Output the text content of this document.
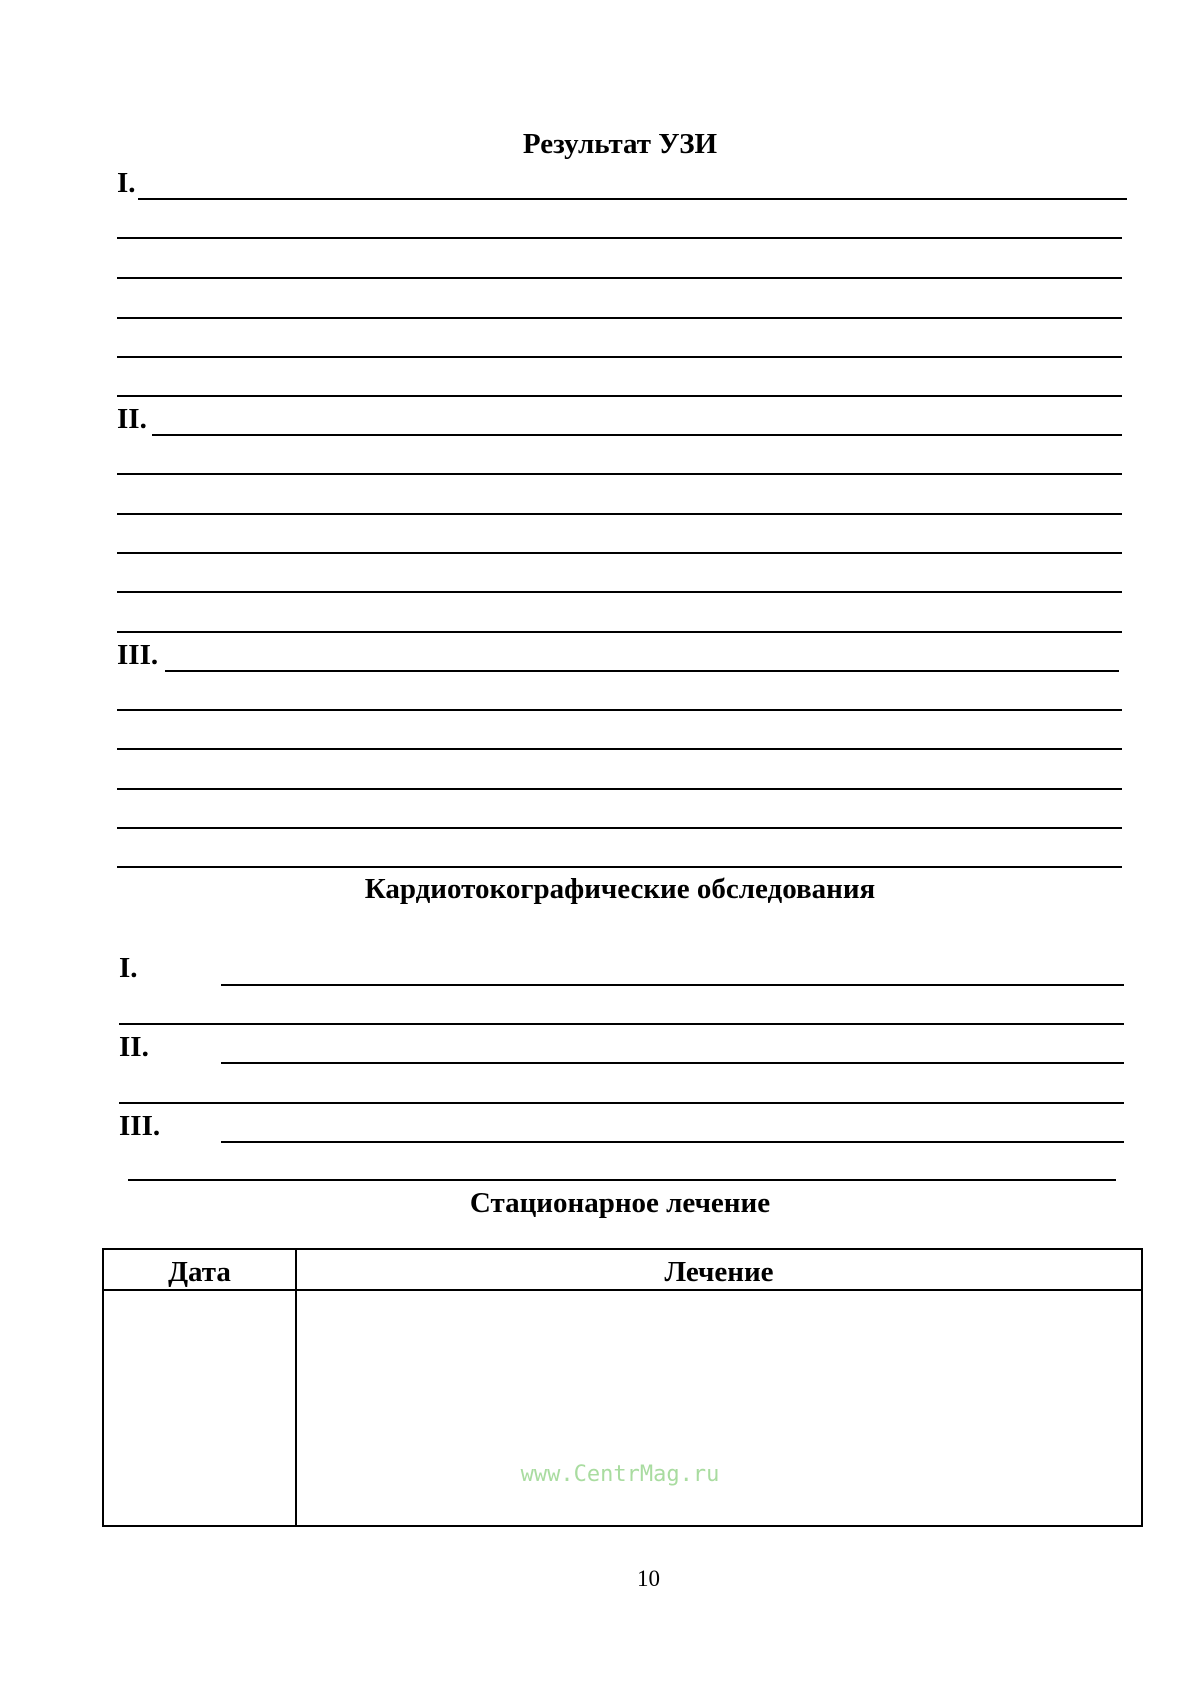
Результат УЗИ
I.
II.
III.
Кардиотокографические обследования
I.
II.
III.
Стационарное лечение
Дата	Лечение

www.CentrMag.ru
10
